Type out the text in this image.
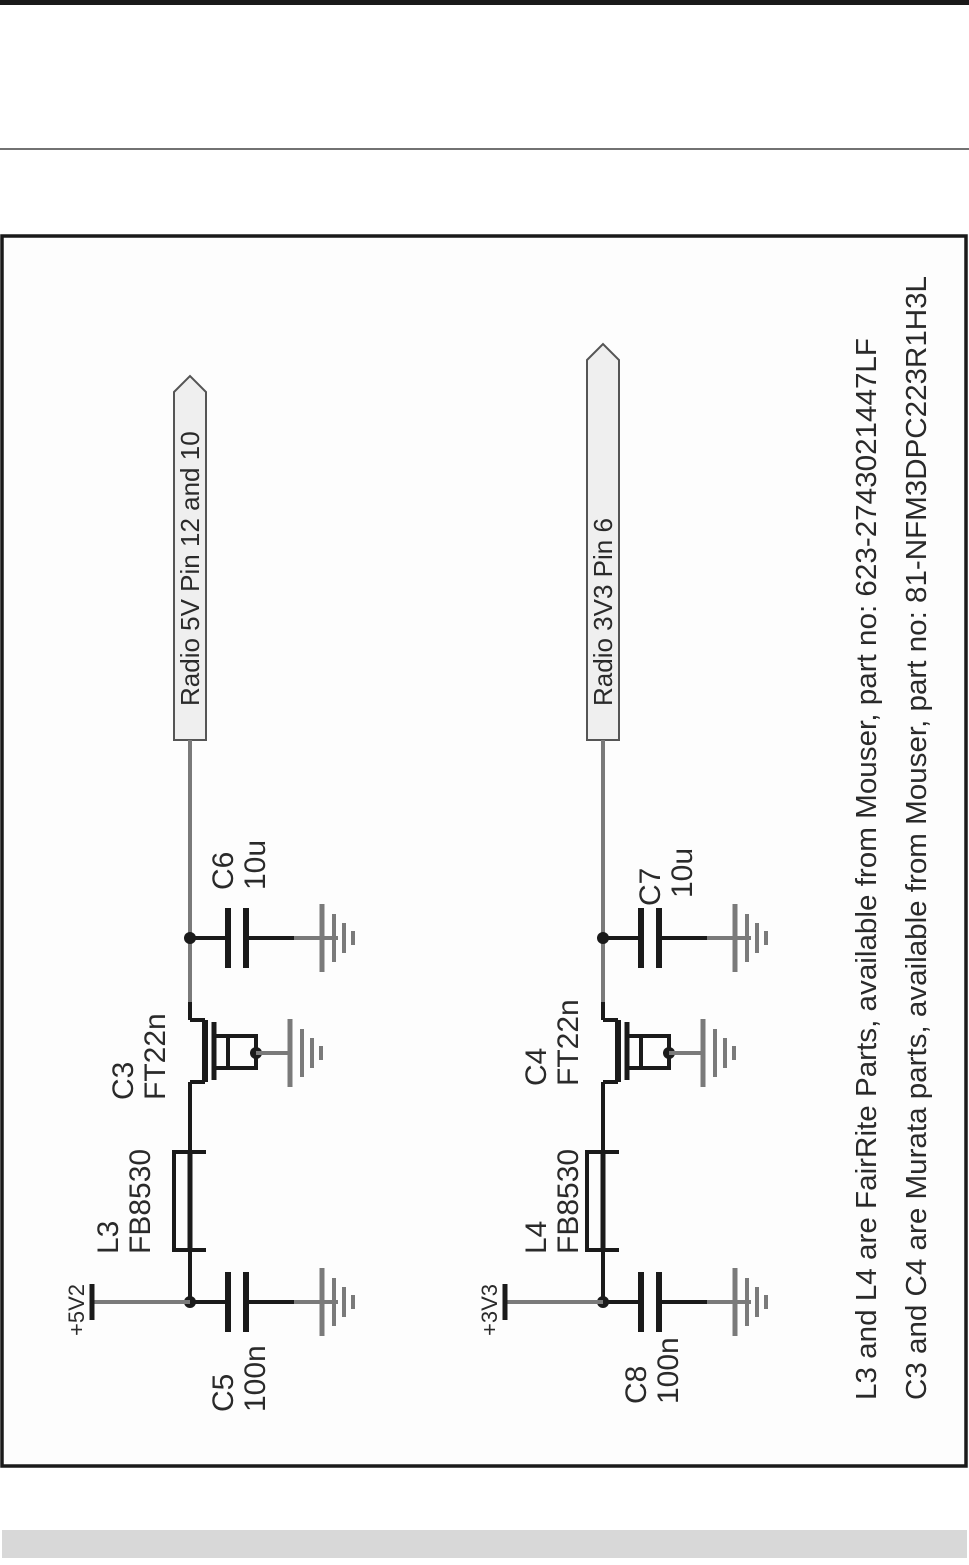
Radio 5V Pin 12 and 10
C6 10u
C3 FT22n
L3 FB8530
+5V2
C5 100n
Radio 3V3 Pin 6
C7 10u
C4 FT22n
L4 FB8530
+3V3
C8 100n	L3 and L4 are FairRite Parts, available from Mouser, part no: 623-2743021447LF C3 and C4 are Murata parts, available from Mouser, part no: 81-NFM3DPC223R1H3L
